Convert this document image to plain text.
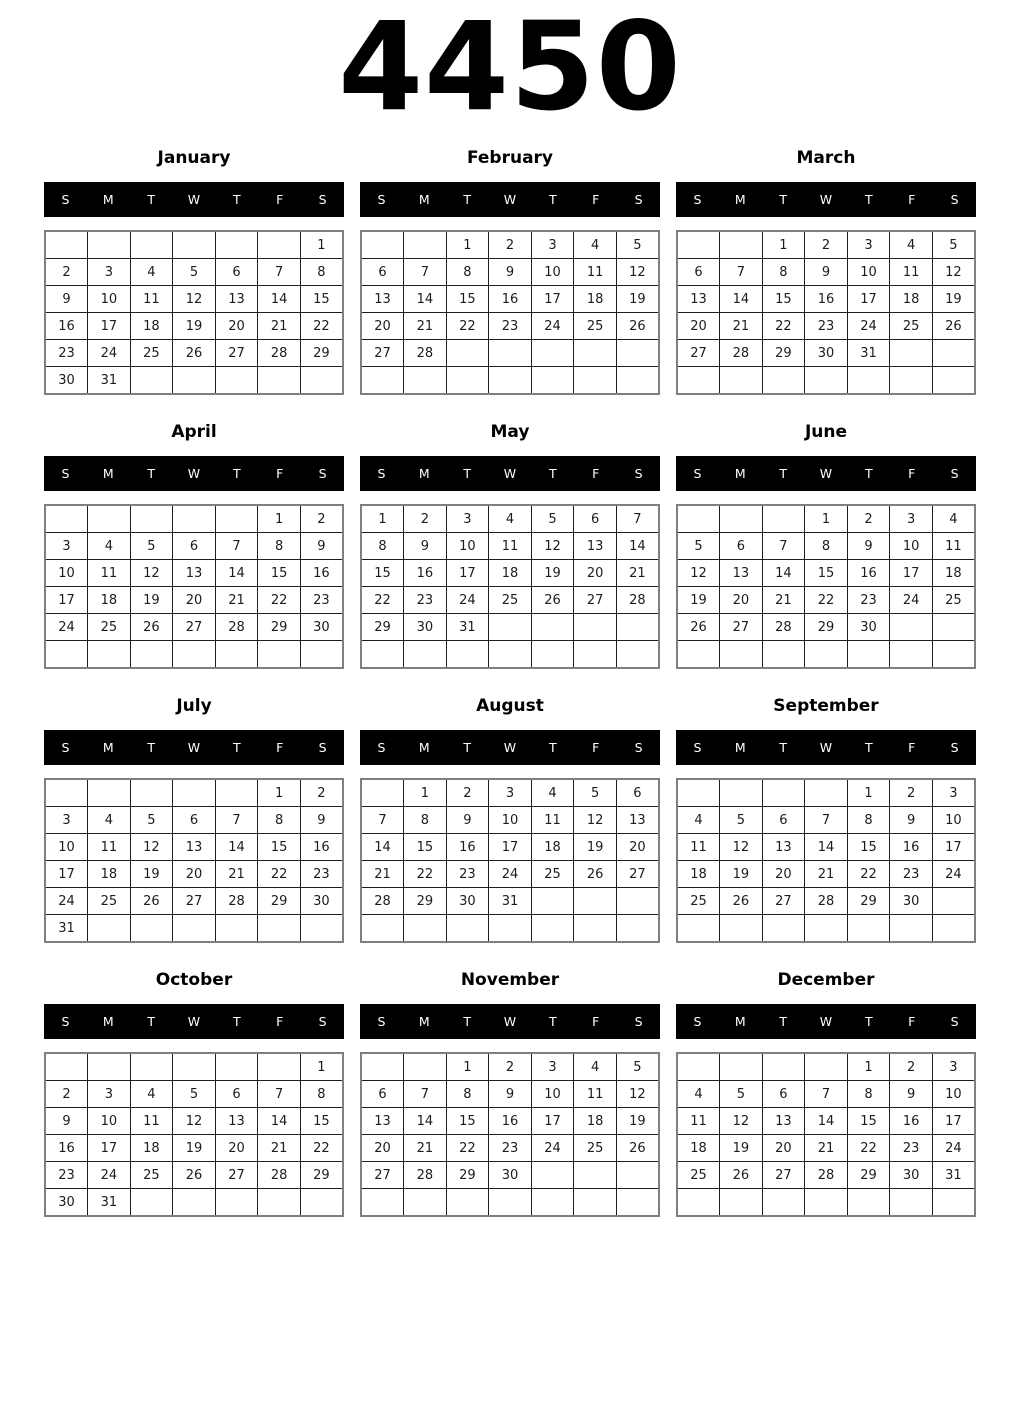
4450
January
S	M	T	W	T	F	S
						1
2	3	4	5	6	7	8
9	10	11	12	13	14	15
16	17	18	19	20	21	22
23	24	25	26	27	28	29
30	31					
February
S	M	T	W	T	F	S
		1	2	3	4	5
6	7	8	9	10	11	12
13	14	15	16	17	18	19
20	21	22	23	24	25	26
27	28					

March
S	M	T	W	T	F	S
		1	2	3	4	5
6	7	8	9	10	11	12
13	14	15	16	17	18	19
20	21	22	23	24	25	26
27	28	29	30	31		

April
S	M	T	W	T	F	S
					1	2
3	4	5	6	7	8	9
10	11	12	13	14	15	16
17	18	19	20	21	22	23
24	25	26	27	28	29	30

May
S	M	T	W	T	F	S
1	2	3	4	5	6	7
8	9	10	11	12	13	14
15	16	17	18	19	20	21
22	23	24	25	26	27	28
29	30	31				

June
S	M	T	W	T	F	S
			1	2	3	4
5	6	7	8	9	10	11
12	13	14	15	16	17	18
19	20	21	22	23	24	25
26	27	28	29	30		

July
S	M	T	W	T	F	S
					1	2
3	4	5	6	7	8	9
10	11	12	13	14	15	16
17	18	19	20	21	22	23
24	25	26	27	28	29	30
31						
August
S	M	T	W	T	F	S
	1	2	3	4	5	6
7	8	9	10	11	12	13
14	15	16	17	18	19	20
21	22	23	24	25	26	27
28	29	30	31			

September
S	M	T	W	T	F	S
				1	2	3
4	5	6	7	8	9	10
11	12	13	14	15	16	17
18	19	20	21	22	23	24
25	26	27	28	29	30	

October
S	M	T	W	T	F	S
						1
2	3	4	5	6	7	8
9	10	11	12	13	14	15
16	17	18	19	20	21	22
23	24	25	26	27	28	29
30	31					
November
S	M	T	W	T	F	S
		1	2	3	4	5
6	7	8	9	10	11	12
13	14	15	16	17	18	19
20	21	22	23	24	25	26
27	28	29	30			

December
S	M	T	W	T	F	S
				1	2	3
4	5	6	7	8	9	10
11	12	13	14	15	16	17
18	19	20	21	22	23	24
25	26	27	28	29	30	31
